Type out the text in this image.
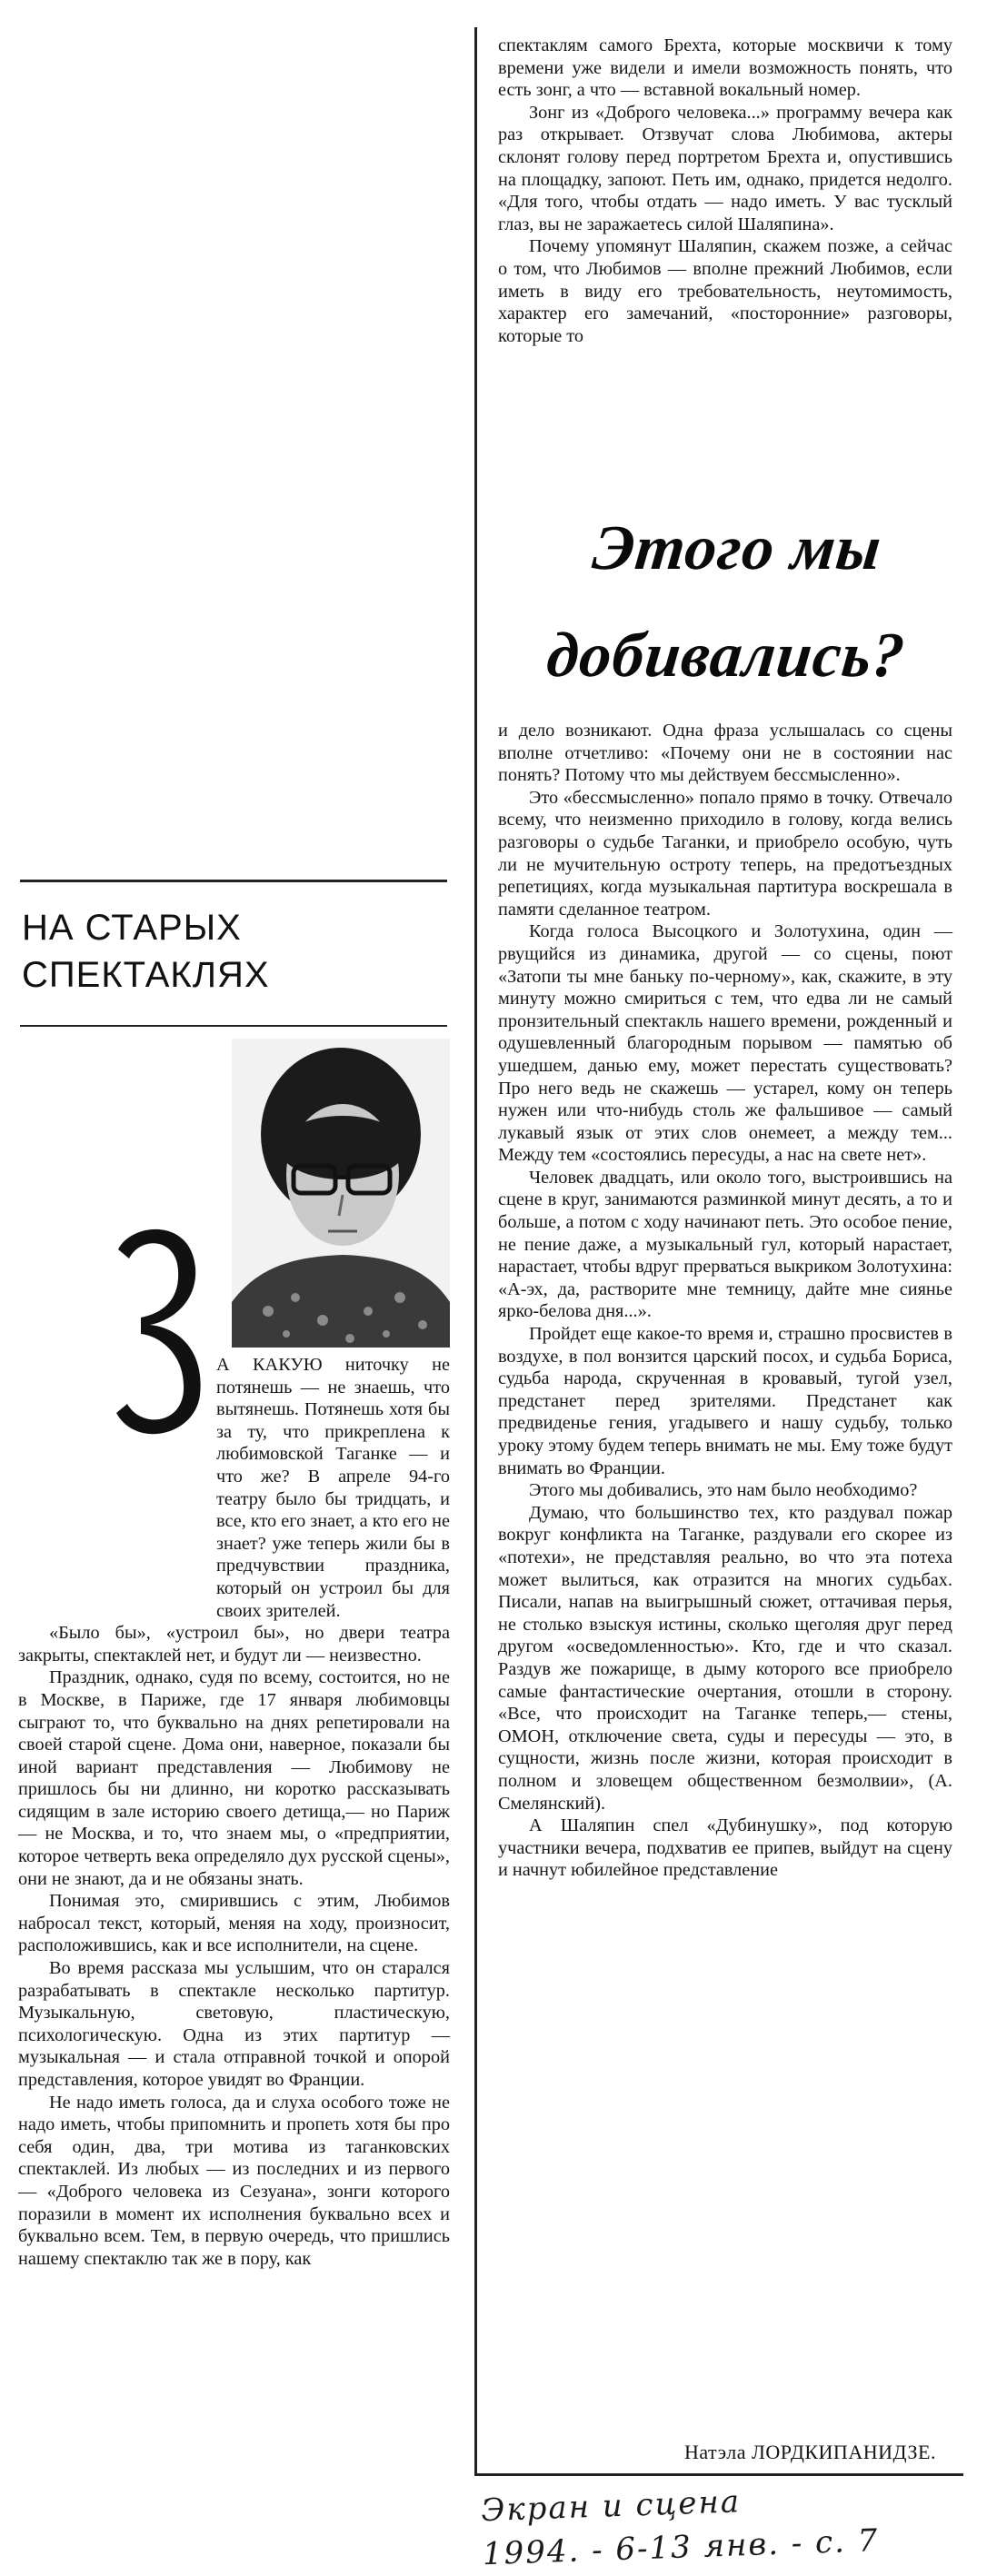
НА СТАРЫХ
СПЕКТАКЛЯХ
Этого мы
добивались?

А КАКУЮ ниточку не потянешь — не знаешь, что вытянешь. Потянешь хотя бы за ту, что прикреплена к любимовской Таганке — и что же? В апреле 94-го театру было бы тридцать, и все, кто его знает, а кто его не знает? уже теперь жили бы в предчувствии праздника, который он устроил бы для своих зрителей.

«Было бы», «устроил бы», но двери театра закрыты, спектаклей нет, и будут ли — неизвестно.

Праздник, однако, судя по всему, состоится, но не в Москве, в Париже, где 17 января любимовцы сыграют то, что буквально на днях репетировали на своей старой сцене. Дома они, наверное, показали бы иной вариант представления — Любимову не пришлось бы ни длинно, ни коротко рассказывать сидящим в зале историю своего детища,— но Париж — не Москва, и то, что знаем мы, о «предприятии, которое четверть века определяло дух русской сцены», они не знают, да и не обязаны знать.

Понимая это, смирившись с этим, Любимов набросал текст, который, меняя на ходу, произносит, расположившись, как и все исполнители, на сцене.

Во время рассказа мы услышим, что он старался разрабатывать в спектакле несколько партитур. Музыкальную, световую, пластическую, психологическую. Одна из этих партитур — музыкальная — и стала отправной точкой и опорой представления, которое увидят во Франции.

Не надо иметь голоса, да и слуха особого тоже не надо иметь, чтобы припомнить и пропеть хотя бы про себя один, два, три мотива из таганковских спектаклей. Из любых — из последних и из первого — «Доброго человека из Сезуана», зонги которого поразили в момент их исполнения буквально всех и буквально всем. Тем, в первую очередь, что пришлись нашему спектаклю так же в пору, как

спектаклям самого Брехта, которые москвичи к тому времени уже видели и имели возможность понять, что есть зонг, а что — вставной вокальный номер.

Зонг из «Доброго человека...» программу вечера как раз открывает. Отзвучат слова Любимова, актеры склонят голову перед портретом Брехта и, опустившись на площадку, запоют. Петь им, однако, придется недолго. «Для того, чтобы отдать — надо иметь. У вас тусклый глаз, вы не заражаетесь силой Шаляпина».

Почему упомянут Шаляпин, скажем позже, а сейчас о том, что Любимов — вполне прежний Любимов, если иметь в виду его требовательность, неутомимость, характер его замечаний, «посторонние» разговоры, которые то

и дело возникают. Одна фраза услышалась со сцены вполне отчетливо: «Почему они не в состоянии нас понять? Потому что мы действуем бессмысленно».

Это «бессмысленно» попало прямо в точку. Отвечало всему, что неизменно приходило в голову, когда велись разговоры о судьбе Таганки, и приобрело особую, чуть ли не мучительную остроту теперь, на предотъездных репетициях, когда музыкальная партитура воскрешала в памяти сделанное театром.

Когда голоса Высоцкого и Золотухина, один — рвущийся из динамика, другой — со сцены, поют «Затопи ты мне баньку по-черному», как, скажите, в эту минуту можно смириться с тем, что едва ли не самый пронзительный спектакль нашего времени, рожденный и одушевленный благородным порывом — памятью об ушедшем, данью ему, может перестать существовать? Про него ведь не скажешь — устарел, кому он теперь нужен или что-нибудь столь же фальшивое — самый лукавый язык от этих слов онемеет, а между тем... Между тем «состоялись пересуды, а нас на свете нет».

Человек двадцать, или около того, выстроившись на сцене в круг, занимаются разминкой минут десять, а то и больше, а потом с ходу начинают петь. Это особое пение, не пение даже, а музыкальный гул, который нарастает, нарастает, чтобы вдруг прерваться выкриком Золотухина: «А-эх, да, растворите мне темницу, дайте мне сиянье ярко-белова дня...».

Пройдет еще какое-то время и, страшно просвистев в воздухе, в пол вонзится царский посох, и судьба Бориса, судьба народа, скрученная в кровавый, тугой узел, предстанет перед зрителями. Предстанет как предвиденье гения, угадывего и нашу судьбу, только уроку этому будем теперь внимать не мы. Ему тоже будут внимать во Франции.

Этого мы добивались, это нам было необходимо?

Думаю, что большинство тех, кто раздувал пожар вокруг конфликта на Таганке, раздували его скорее из «потехи», не представляя реально, во что эта потеха может вылиться, как отразится на многих судьбах. Писали, напав на выигрышный сюжет, оттачивая перья, не столько взыскуя истины, сколько щеголяя друг перед другом «осведомленностью». Кто, где и что сказал. Раздув же пожарище, в дыму которого все приобрело самые фантастические очертания, отошли в сторону. «Все, что происходит на Таганке теперь,— стены, ОМОН, отключение света, суды и пересуды — это, в сущности, жизнь после жизни, которая происходит в полном и зловещем общественном безмолвии», (А. Смелянский).

А Шаляпин спел «Дубинушку», под которую участники вечера, подхватив ее припев, выйдут на сцену и начнут юбилейное представление

Натэла ЛОРДКИПАНИДЗЕ.
Экран и сцена
1994. - 6-13 янв. - с. 7
